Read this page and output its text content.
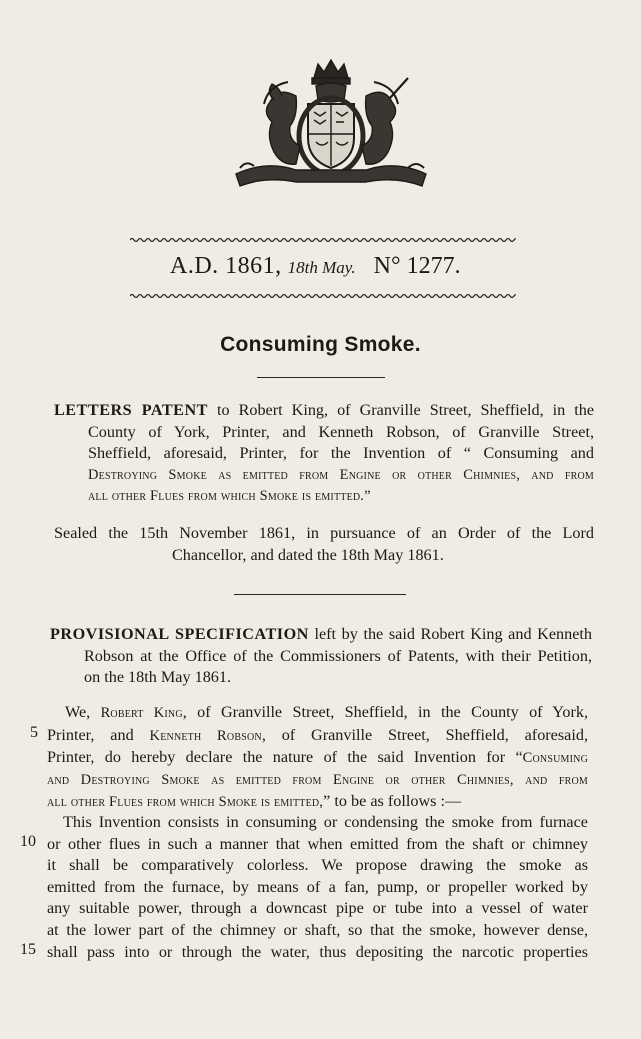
A.D. 1861, 18th May. N° 1277.
Consuming Smoke.

LETTERS PATENT to Robert King, of Granville Street, Sheffield, in the

County of York, Printer, and Kenneth Robson, of Granville Street,

Sheffield, aforesaid, Printer, for the Invention of “ Consuming and

Destroying Smoke as emitted from Engine or other Chimnies, and from

all other Flues from which Smoke is emitted.”

Sealed the 15th November 1861, in pursuance of an Order of the Lord

Chancellor, and dated the 18th May 1861.

PROVISIONAL SPECIFICATION left by the said Robert King and Kenneth

Robson at the Office of the Commissioners of Patents, with their Petition,

on the 18th May 1861.

We, Robert King, of Granville Street, Sheffield, in the County of York,

Printer, and Kenneth Robson, of Granville Street, Sheffield, aforesaid,

Printer, do hereby declare the nature of the said Invention for “Consuming

and Destroying Smoke as emitted from Engine or other Chimnies, and from

all other Flues from which Smoke is emitted,” to be as follows :—

This Invention consists in consuming or condensing the smoke from furnace

or other flues in such a manner that when emitted from the shaft or chimney

it shall be comparatively colorless. We propose drawing the smoke as

emitted from the furnace, by means of a fan, pump, or propeller worked by

any suitable power, through a downcast pipe or tube into a vessel of water

at the lower part of the chimney or shaft, so that the smoke, however dense,

shall pass into or through the water, thus depositing the narcotic properties

5
10
15
